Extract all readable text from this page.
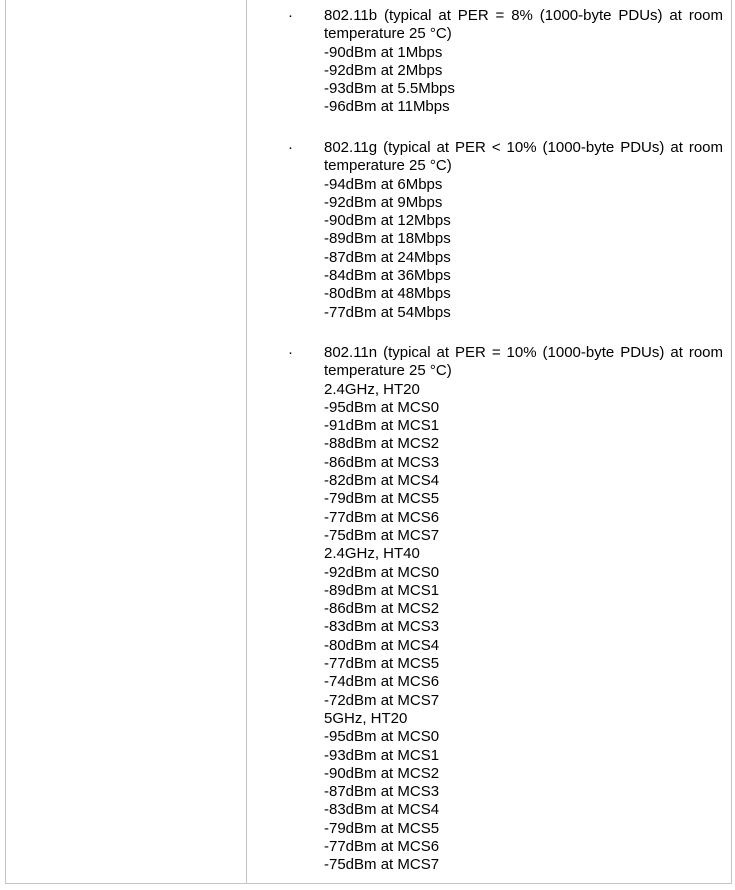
· 802.11b (typical at PER = 8% (1000-byte PDUs) at room temperature 25 °C)
-90dBm at 1Mbps
-92dBm at 2Mbps
-93dBm at 5.5Mbps
-96dBm at 11Mbps
· 802.11g (typical at PER < 10% (1000-byte PDUs) at room temperature 25 °C)
-94dBm at 6Mbps
-92dBm at 9Mbps
-90dBm at 12Mbps
-89dBm at 18Mbps
-87dBm at 24Mbps
-84dBm at 36Mbps
-80dBm at 48Mbps
-77dBm at 54Mbps
· 802.11n (typical at PER = 10% (1000-byte PDUs) at room temperature 25 °C)
2.4GHz, HT20
-95dBm at MCS0
-91dBm at MCS1
-88dBm at MCS2
-86dBm at MCS3
-82dBm at MCS4
-79dBm at MCS5
-77dBm at MCS6
-75dBm at MCS7
2.4GHz, HT40
-92dBm at MCS0
-89dBm at MCS1
-86dBm at MCS2
-83dBm at MCS3
-80dBm at MCS4
-77dBm at MCS5
-74dBm at MCS6
-72dBm at MCS7
5GHz, HT20
-95dBm at MCS0
-93dBm at MCS1
-90dBm at MCS2
-87dBm at MCS3
-83dBm at MCS4
-79dBm at MCS5
-77dBm at MCS6
-75dBm at MCS7
